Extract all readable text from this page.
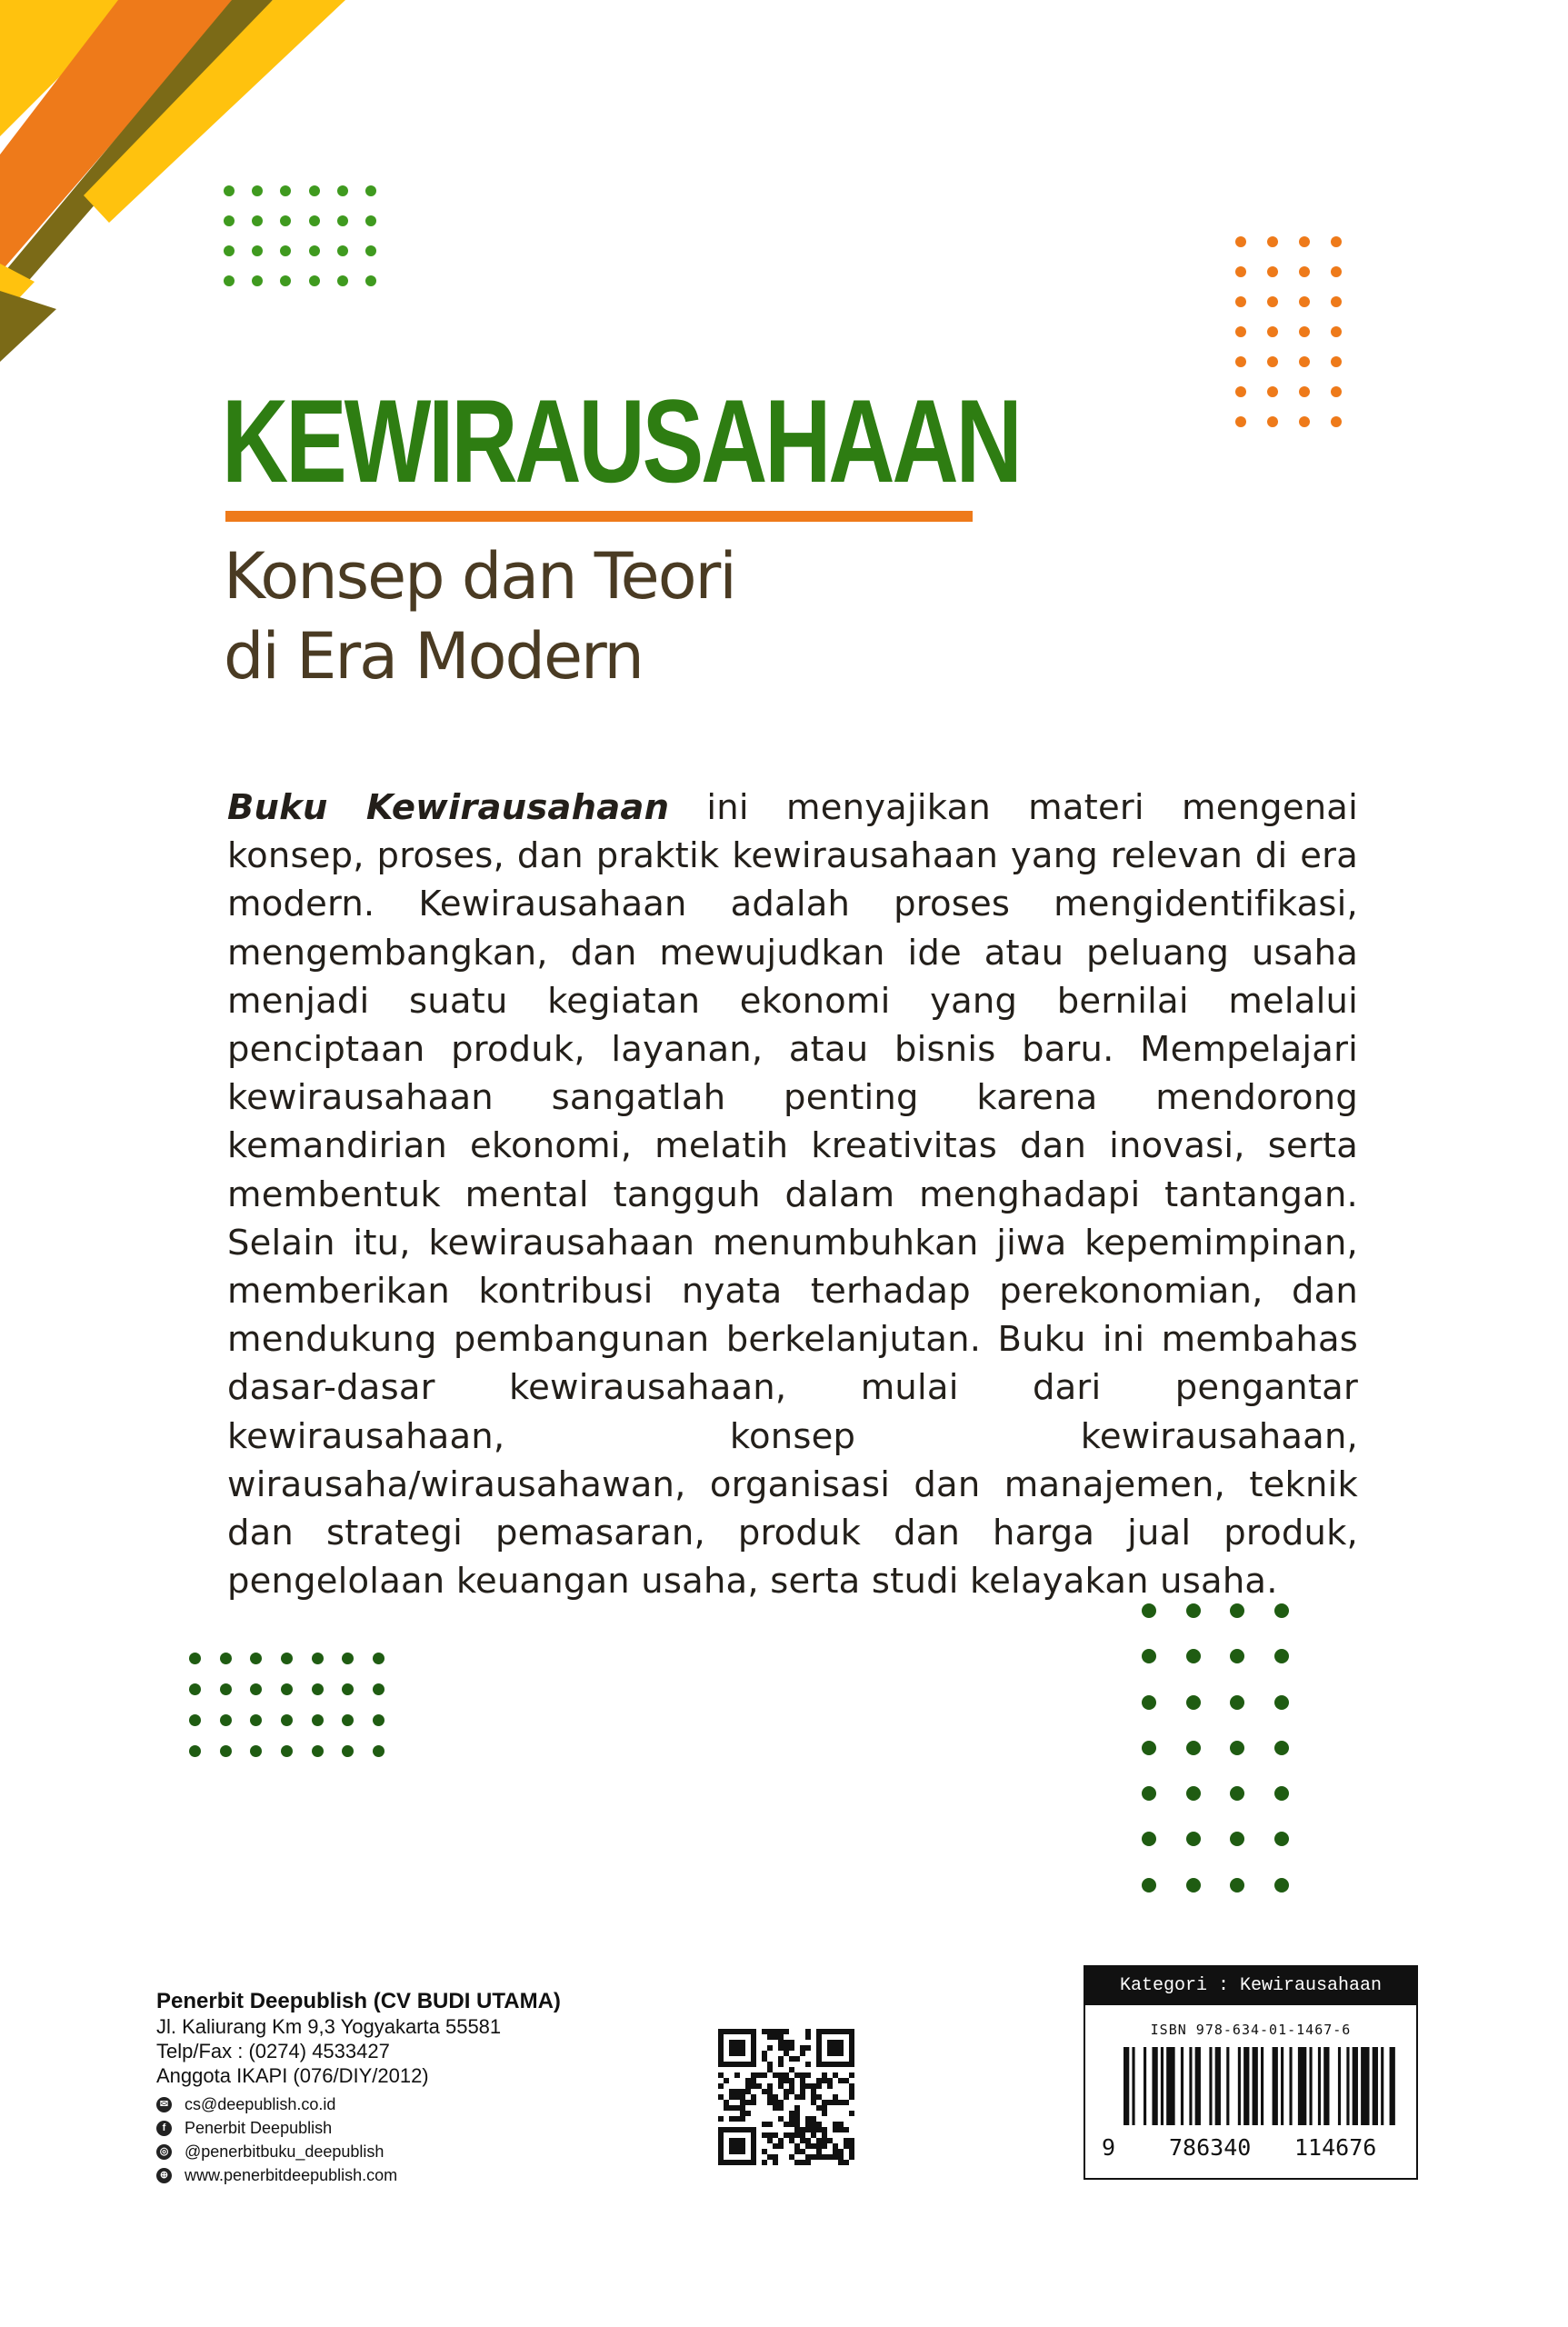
KEWIRAUSAHAAN
Konsep dan Teori
di Era Modern

Buku Kewirausahaan ini menyajikan materi mengenai konsep, proses, dan praktik kewirausahaan yang relevan di era modern. Kewirausahaan adalah proses mengidentifikasi, mengembangkan, dan mewujudkan ide atau peluang usaha menjadi suatu kegiatan ekonomi yang bernilai melalui penciptaan produk, layanan, atau bisnis baru. Mempelajari kewirausahaan sangatlah penting karena mendorong kemandirian ekonomi, melatih kreativitas dan inovasi, serta membentuk mental tangguh dalam menghadapi tantangan. Selain itu, kewirausahaan menumbuhkan jiwa kepemimpinan, memberikan kontribusi nyata terhadap perekonomian, dan mendukung pembangunan berkelanjutan. Buku ini membahas dasar-dasar kewirausahaan, mulai dari pengantar kewirausahaan, konsep kewirausahaan, wirausaha/wirausahawan, organisasi dan manajemen, teknik dan strategi pemasaran, produk dan harga jual produk, pengelolaan keuangan usaha, serta studi kelayakan usaha.

Penerbit Deepublish (CV BUDI UTAMA)
Jl. Kaliurang Km 9,3 Yogyakarta 55581
Telp/Fax : (0274) 4533427
Anggota IKAPI (076/DIY/2012)
✉ cs@deepublish.co.id
f	Penerbit Deepublish
◎ @penerbitbuku_deepublish
⊕ www.penerbitdeepublish.com
Kategori : Kewirausahaan
ISBN 978-634-01-1467-6
9 786340 114676
